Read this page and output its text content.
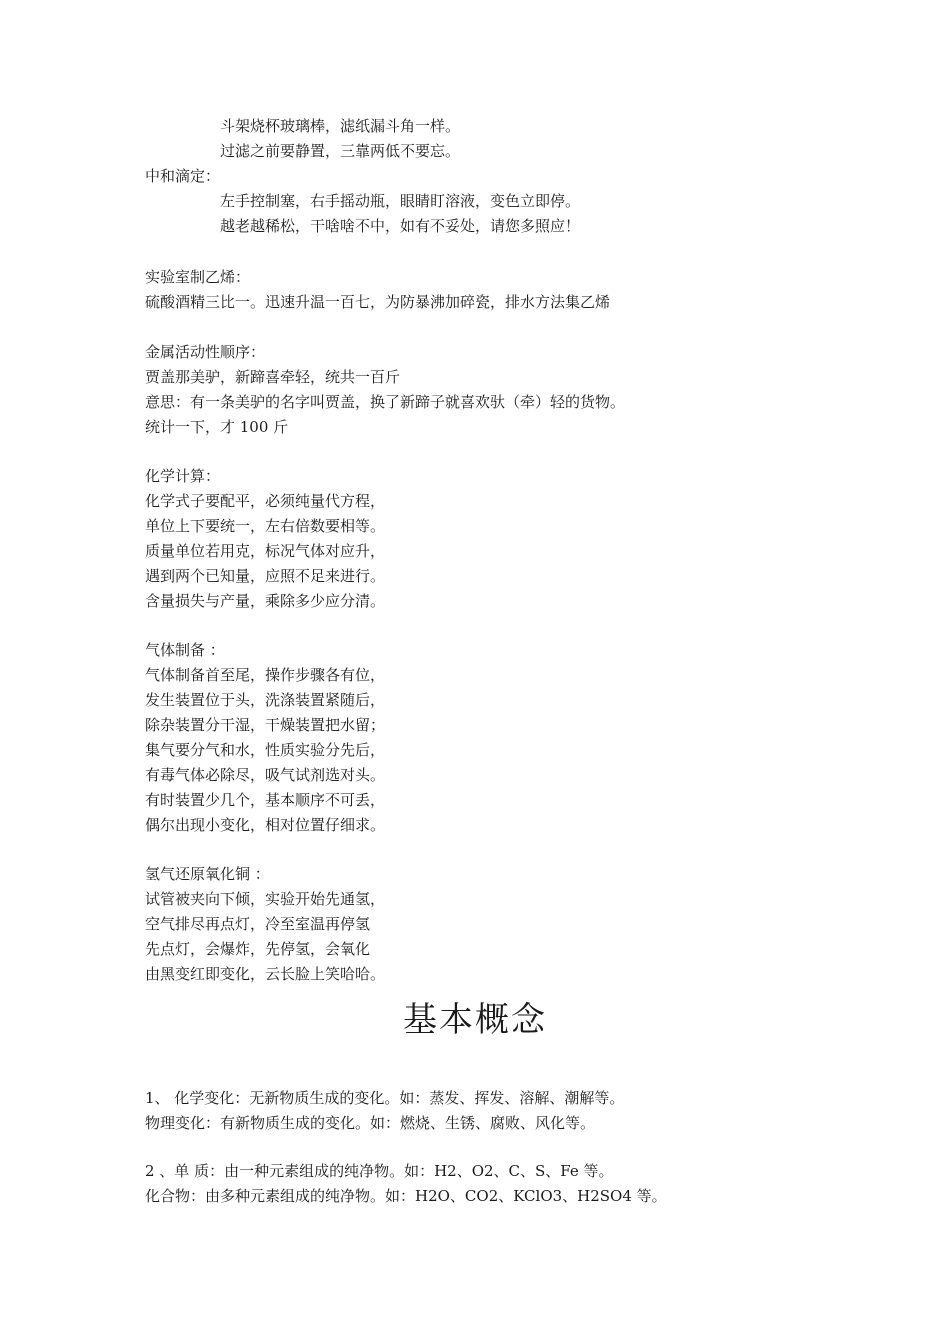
斗架烧杯玻璃棒，滤纸漏斗角一样。
过滤之前要静置，三靠两低不要忘。
中和滴定：
左手控制塞，右手摇动瓶，眼睛盯溶液，变色立即停。
越老越稀松，干啥啥不中，如有不妥处，请您多照应！
实验室制乙烯：
硫酸酒精三比一。迅速升温一百七，为防暴沸加碎瓷，排水方法集乙烯
金属活动性顺序：
贾盖那美驴，新蹄喜牵轻，统共一百斤
意思：有一条美驴的名字叫贾盖，换了新蹄子就喜欢驮（牵）轻的货物。
统计一下，才 100 斤
化学计算：
化学式子要配平，必须纯量代方程，
单位上下要统一，左右倍数要相等。
质量单位若用克，标况气体对应升，
遇到两个已知量，应照不足来进行。
含量损失与产量，乘除多少应分清。
气体制备 ：
气体制备首至尾，操作步骤各有位，
发生装置位于头，洗涤装置紧随后，
除杂装置分干湿，干燥装置把水留；
集气要分气和水，性质实验分先后，
有毒气体必除尽，吸气试剂选对头。
有时装置少几个，基本顺序不可丢，
偶尔出现小变化，相对位置仔细求。
氢气还原氧化铜 ：
试管被夹向下倾，实验开始先通氢，
空气排尽再点灯，冷至室温再停氢
先点灯，会爆炸，先停氢，会氧化
由黑变红即变化，云长脸上笑哈哈。
基本概念
1、 化学变化：无新物质生成的变化。如：蒸发、挥发、溶解、潮解等。
物理变化：有新物质生成的变化。如：燃烧、生锈、腐败、风化等。
2 、单 质：由一种元素组成的纯净物。如：H2、O2、C、S、Fe 等。
化合物：由多种元素组成的纯净物。如：H2O、CO2、KClO3、H2SO4 等。
